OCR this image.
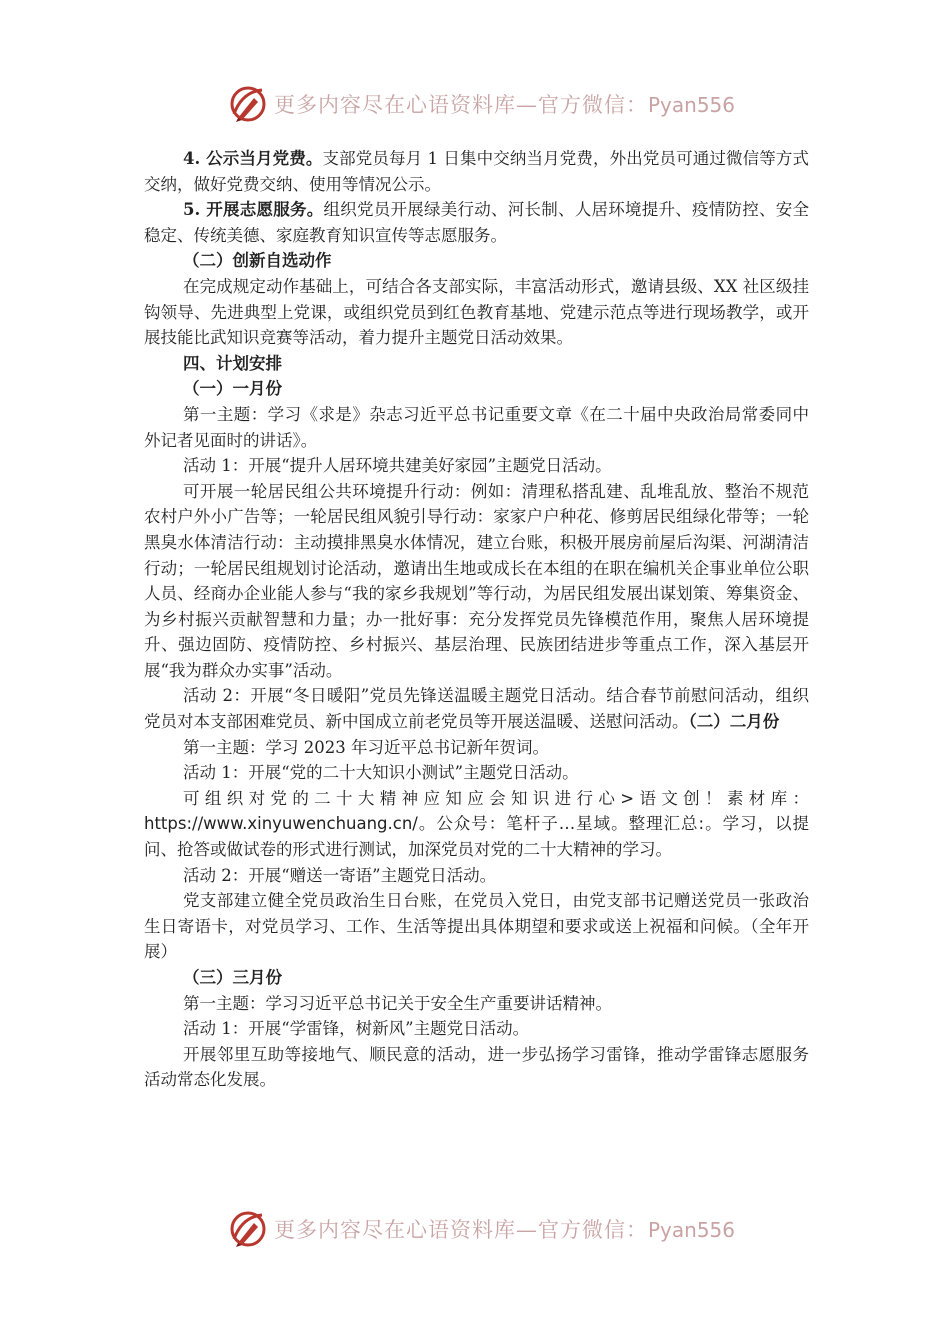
更多内容尽在心语资料库—官方微信：Pyan556

4. 公示当月党费。支部党员每月 1 日集中交纳当月党费，外出党员可通过微信等方式交纳，做好党费交纳、使用等情况公示。

5. 开展志愿服务。组织党员开展绿美行动、河长制、人居环境提升、疫情防控、安全稳定、传统美德、家庭教育知识宣传等志愿服务。

（二）创新自选动作

在完成规定动作基础上，可结合各支部实际，丰富活动形式，邀请县级、XX 社区级挂钩领导、先进典型上党课，或组织党员到红色教育基地、党建示范点等进行现场教学，或开展技能比武知识竞赛等活动，着力提升主题党日活动效果。

四、计划安排

（一）一月份

第一主题：学习《求是》杂志习近平总书记重要文章《在二十届中央政治局常委同中外记者见面时的讲话》。

活动 1：开展“提升人居环境共建美好家园”主题党日活动。

可开展一轮居民组公共环境提升行动：例如：清理私搭乱建、乱堆乱放、整治不规范农村户外小广告等；一轮居民组风貌引导行动：家家户户种花、修剪居民组绿化带等；一轮黑臭水体清洁行动：主动摸排黑臭水体情况，建立台账，积极开展房前屋后沟渠、河湖清洁行动；一轮居民组规划讨论活动，邀请出生地或成长在本组的在职在编机关企事业单位公职人员、经商办企业能人参与“我的家乡我规划”等行动，为居民组发展出谋划策、筹集资金、为乡村振兴贡献智慧和力量；办一批好事：充分发挥党员先锋模范作用，聚焦人居环境提升、强边固防、疫情防控、乡村振兴、基层治理、民族团结进步等重点工作，深入基层开展“我为群众办实事”活动。

活动 2：开展“冬日暖阳”党员先锋送温暖主题党日活动。结合春节前慰问活动，组织党员对本支部困难党员、新中国成立前老党员等开展送温暖、送慰问活动。（二）二月份

第一主题：学习 2023 年习近平总书记新年贺词。

活动 1：开展“党的二十大知识小测试”主题党日活动。

可组织对党的二十大精神应知应会知识进行心>语文创！素材库：https://www.xinyuwenchuang.cn/。公众号：笔杆子…星域。整理汇总:。学习，以提问、抢答或做试卷的形式进行测试，加深党员对党的二十大精神的学习。

活动 2：开展“赠送一寄语”主题党日活动。

党支部建立健全党员政治生日台账，在党员入党日，由党支部书记赠送党员一张政治生日寄语卡，对党员学习、工作、生活等提出具体期望和要求或送上祝福和问候。（全年开展）

（三）三月份

第一主题：学习习近平总书记关于安全生产重要讲话精神。

活动 1：开展“学雷锋，树新风”主题党日活动。

开展邻里互助等接地气、顺民意的活动，进一步弘扬学习雷锋，推动学雷锋志愿服务活动常态化发展。

更多内容尽在心语资料库—官方微信：Pyan556
